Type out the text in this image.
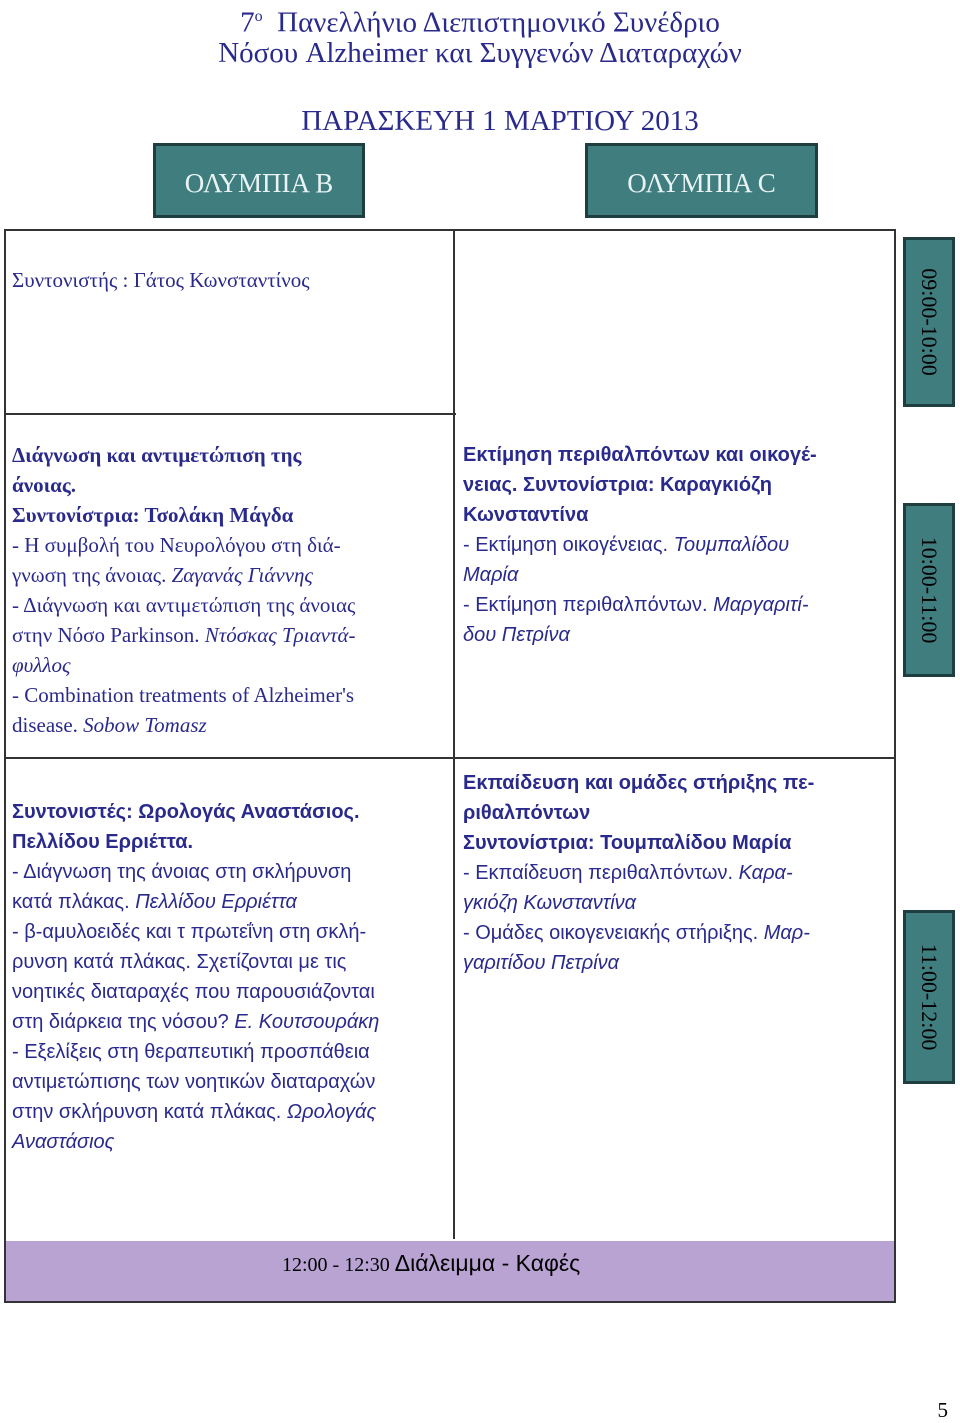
$7^o$ Πανελλήνιο Διεπιστημονικό Συνέδριο
Νόσου Alzheimer και Συγγενών Διαταραχών
ΠΑΡΑΣΚΕΥΗ 1 ΜΑΡΤΙΟΥ 2013
ΟΛΥΜΠΙΑ Β	ΟΛΥΜΠΙΑ C
09:00-10:00
10:00-11:00
11:00-12:00
Συντονιστής : Γάτος Κωνσταντίνος
Διάγνωση και αντιμετώπιση της
άνοιας.
Συντονίστρια: Τσολάκη Μάγδα
- Η συμβολή του Νευρολόγου στη διά-
γνωση της άνοιας. Ζαγανάς Γιάννης
- Διάγνωση και αντιμετώπιση της άνοιας
στην Νόσο Parkinson. Ντόσκας Τριαντά-
φυλλος
- Combination treatments of Alzheimer's
disease. Sobow Tomasz
Εκτίμηση περιθαλπόντων και οικογέ-
νειας. Συντονίστρια: Καραγκιόζη
Κωνσταντίνα
- Εκτίμηση οικογένειας. Τουμπαλίδου
Μαρία
- Εκτίμηση περιθαλπόντων. Μαργαριτί-
δου Πετρίνα
Συντονιστές: Ωρολογάς Αναστάσιος.
Πελλίδου Ερριέττα.
- Διάγνωση της άνοιας στη σκλήρυνση
κατά πλάκας. Πελλίδου Ερριέττα
- β-αμυλοειδές και τ πρωτεΐνη στη σκλή-
ρυνση κατά πλάκας. Σχετίζονται με τις
νοητικές διαταραχές που παρουσιάζονται
στη διάρκεια της νόσου? Ε. Κουτσουράκη
- Εξελίξεις στη θεραπευτική προσπάθεια
αντιμετώπισης των νοητικών διαταραχών
στην σκλήρυνση κατά πλάκας. Ωρολογάς
Αναστάσιος
Εκπαίδευση και ομάδες στήριξης πε-
ριθαλπόντων
Συντονίστρια: Τουμπαλίδου Μαρία
- Εκπαίδευση περιθαλπόντων. Καρα-
γκιόζη Κωνσταντίνα
- Ομάδες οικογενειακής στήριξης. Μαρ-
γαριτίδου Πετρίνα
12:00 - 12:30 Διάλειμμα - Καφές
5
